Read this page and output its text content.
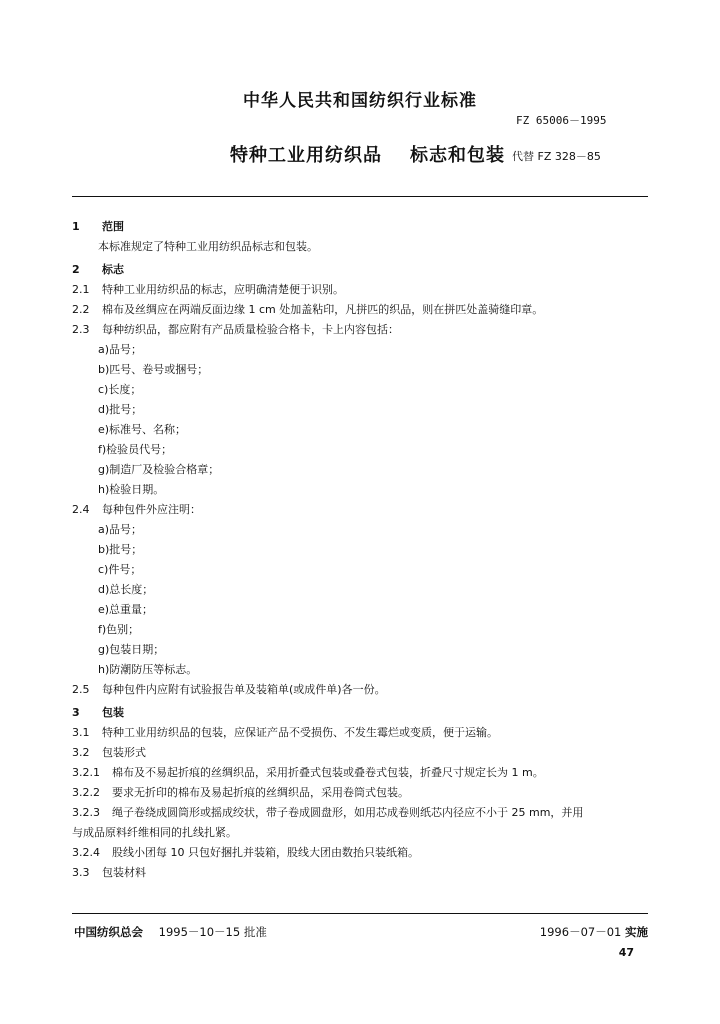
中华人民共和国纺织行业标准
FZ 65006－1995
特种工业用纺织品 标志和包装 代替 FZ 328－85
1	范围
本标准规定了特种工业用纺织品标志和包装。
2	标志
2.1	特种工业用纺织品的标志，应明确清楚便于识别。
2.2	棉布及丝绸应在两端反面边缘 1 cm 处加盖粘印，凡拼匹的织品，则在拼匹处盖骑缝印章。
2.3	每种纺织品，都应附有产品质量检验合格卡，卡上内容包括：
a)品号；
b)匹号、卷号或捆号；
c)长度；
d)批号；
e)标准号、名称；
f)检验员代号；
g)制造厂及检验合格章；
h)检验日期。
2.4	每种包件外应注明：
a)品号；
b)批号；
c)件号；
d)总长度；
e)总重量；
f)色别；
g)包装日期；
h)防潮防压等标志。
2.5	每种包件内应附有试验报告单及装箱单(或成件单)各一份。
3	包装
3.1	特种工业用纺织品的包装，应保证产品不受损伤、不发生霉烂或变质，便于运输。
3.2	包装形式
3.2.1 棉布及不易起折痕的丝绸织品，采用折叠式包装或叠卷式包装，折叠尺寸规定长为 1 m。
3.2.2 要求无折印的棉布及易起折痕的丝绸织品，采用卷筒式包装。
3.2.3 绳子卷绕成圆筒形或摇成绞状，带子卷成圆盘形，如用芯成卷则纸芯内径应不小于 25 mm，并用
与成品原料纤维相同的扎线扎紧。
3.2.4 股线小团每 10 只包好捆扎并装箱，股线大团由数抬只装纸箱。
3.3	包装材料
中国纺织总会 1995－10－15 批准	1996－07－01 实施
47
